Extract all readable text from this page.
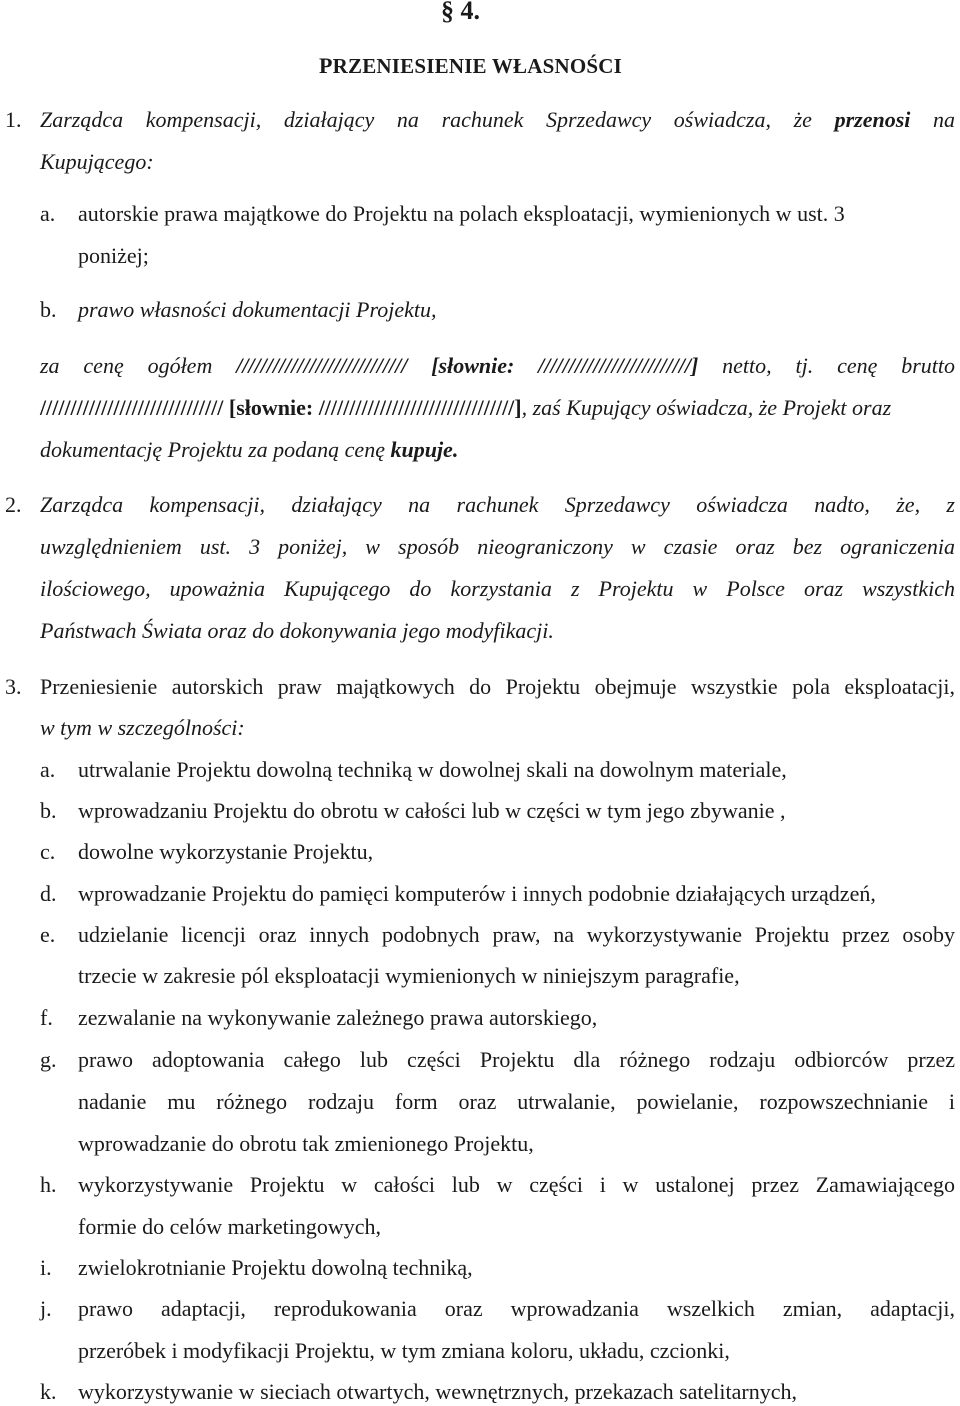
§ 4.
PRZENIESIENIE WŁASNOŚCI
1. Zarządca kompensacji, działający na rachunek Sprzedawcy oświadcza, że przenosi na
Kupującego:
a. autorskie prawa majątkowe do Projektu na polach eksploatacji, wymienionych w ust. 3
poniżej;
b. prawo własności dokumentacji Projektu,
za cenę ogółem //////////////////////////// [słownie: /////////////////////////] netto, tj. cenę brutto
////////////////////////////// [słownie: ////////////////////////////////], zaś Kupujący oświadcza, że Projekt oraz
dokumentację Projektu za podaną cenę kupuje.
2. Zarządca kompensacji, działający na rachunek Sprzedawcy oświadcza nadto, że, z
uwzględnieniem ust. 3 poniżej, w sposób nieograniczony w czasie oraz bez ograniczenia
ilościowego, upoważnia Kupującego do korzystania z Projektu w Polsce oraz wszystkich
Państwach Świata oraz do dokonywania jego modyfikacji.
3. Przeniesienie autorskich praw majątkowych do Projektu obejmuje wszystkie pola eksploatacji,
w tym w szczególności:
a. utrwalanie Projektu dowolną techniką w dowolnej skali na dowolnym materiale,
b. wprowadzaniu Projektu do obrotu w całości lub w części w tym jego zbywanie ,
c. dowolne wykorzystanie Projektu,
d. wprowadzanie Projektu do pamięci komputerów i innych podobnie działających urządzeń,
e. udzielanie licencji oraz innych podobnych praw, na wykorzystywanie Projektu przez osoby
trzecie w zakresie pól eksploatacji wymienionych w niniejszym paragrafie,
f. zezwalanie na wykonywanie zależnego prawa autorskiego,
g. prawo adoptowania całego lub części Projektu dla różnego rodzaju odbiorców przez
nadanie mu różnego rodzaju form oraz utrwalanie, powielanie, rozpowszechnianie i
wprowadzanie do obrotu tak zmienionego Projektu,
h. wykorzystywanie Projektu w całości lub w części i w ustalonej przez Zamawiającego
formie do celów marketingowych,
i. zwielokrotnianie Projektu dowolną techniką,
j. prawo adaptacji, reprodukowania oraz wprowadzania wszelkich zmian, adaptacji,
przeróbek i modyfikacji Projektu, w tym zmiana koloru, układu, czcionki,
k. wykorzystywanie w sieciach otwartych, wewnętrznych, przekazach satelitarnych,
